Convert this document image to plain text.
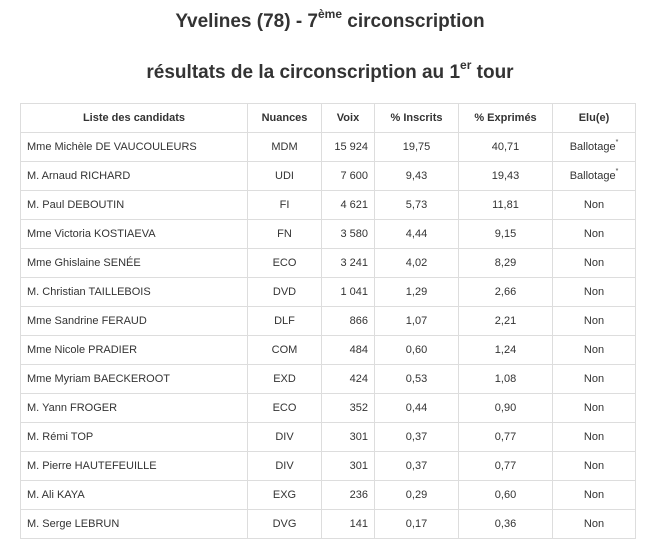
Yvelines (78) - 7ème circonscription
résultats de la circonscription au 1er tour
Liste des candidats	Nuances	Voix	% Inscrits	% Exprimés	Elu(e)
Mme Michèle DE VAUCOULEURS	MDM	15 924	19,75	40,71	Ballotage*
M. Arnaud RICHARD	UDI	7 600	9,43	19,43	Ballotage*
M. Paul DEBOUTIN	FI	4 621	5,73	11,81	Non
Mme Victoria KOSTIAEVA	FN	3 580	4,44	9,15	Non
Mme Ghislaine SENÉE	ECO	3 241	4,02	8,29	Non
M. Christian TAILLEBOIS	DVD	1 041	1,29	2,66	Non
Mme Sandrine FERAUD	DLF	866	1,07	2,21	Non
Mme Nicole PRADIER	COM	484	0,60	1,24	Non
Mme Myriam BAECKEROOT	EXD	424	0,53	1,08	Non
M. Yann FROGER	ECO	352	0,44	0,90	Non
M. Rémi TOP	DIV	301	0,37	0,77	Non
M. Pierre HAUTEFEUILLE	DIV	301	0,37	0,77	Non
M. Ali KAYA	EXG	236	0,29	0,60	Non
M. Serge LEBRUN	DVG	141	0,17	0,36	Non
